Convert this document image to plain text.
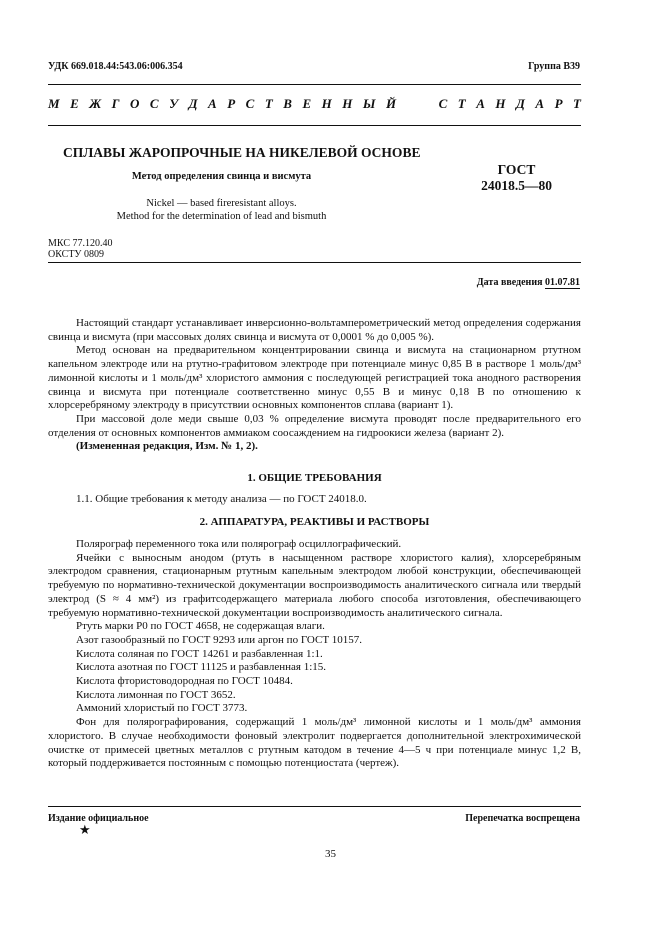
УДК 669.018.44:543.06:006.354	Группа В39
М Е Ж Г О С У Д А Р С Т В Е Н Н Ы Й	С Т А Н Д А Р Т
СПЛАВЫ ЖАРОПРОЧНЫЕ НА НИКЕЛЕВОЙ ОСНОВЕ
Метод определения свинца и висмута	ГОСТ
24018.5—80
Nickel — based fireresistant alloys.
Method for the determination of lead and bismuth
МКС 77.120.40
ОКСТУ 0809
Дата введения 01.07.81

Настоящий стандарт устанавливает инверсионно-вольтамперометрический метод определения содержания свинца и висмута (при массовых долях свинца и висмута от 0,0001 % до 0,005 %).

Метод основан на предварительном концентрировании свинца и висмута на стационарном ртутном капельном электроде или на ртутно-графитовом электроде при потенциале минус 0,85 В в растворе 1 моль/дм³ лимонной кислоты и 1 моль/дм³ хлористого аммония с последующей регистрацией тока анодного растворения свинца и висмута при потенциале соответственно минус 0,55 В и минус 0,18 В по отношению к хлорсеребряному электроду в присутствии основных компонентов сплава (вариант 1).

При массовой доле меди свыше 0,03 % определение висмута проводят после предварительного его отделения от основных компонентов аммиаком соосаждением на гидроокиси железа (вариант 2).

(Измененная редакция, Изм. № 1, 2).

1. ОБЩИЕ ТРЕБОВАНИЯ

1.1. Общие требования к методу анализа — по ГОСТ 24018.0.

2. АППАРАТУРА, РЕАКТИВЫ И РАСТВОРЫ

Полярограф переменного тока или полярограф осциллографический.

Ячейки с выносным анодом (ртуть в насыщенном растворе хлористого калия), хлорсеребряным электродом сравнения, стационарным ртутным капельным электродом любой конструкции, обеспечивающей требуемую по нормативно-технической документации воспроизводимость аналитического сигнала или твердый электрод (S ≈ 4 мм²) из графитсодержащего материала любого способа изготовления, обеспечивающего требуемую нормативно-технической документации воспроизводимость аналитического сигнала.

Ртуть марки Р0 по ГОСТ 4658, не содержащая влаги.

Азот газообразный по ГОСТ 9293 или аргон по ГОСТ 10157.

Кислота соляная по ГОСТ 14261 и разбавленная 1:1.

Кислота азотная по ГОСТ 11125 и разбавленная 1:15.

Кислота фтористоводородная по ГОСТ 10484.

Кислота лимонная по ГОСТ 3652.

Аммоний хлористый по ГОСТ 3773.

Фон для полярографирования, содержащий 1 моль/дм³ лимонной кислоты и 1 моль/дм³ аммония хлористого. В случае необходимости фоновый электролит подвергается дополнительной электрохимической очистке от примесей цветных металлов с ртутным катодом в течение 4—5 ч при потенциале минус 1,2 В, который поддерживается постоянным с помощью потенциостата (чертеж).

Издание официальное
★
Перепечатка воспрещена
35
